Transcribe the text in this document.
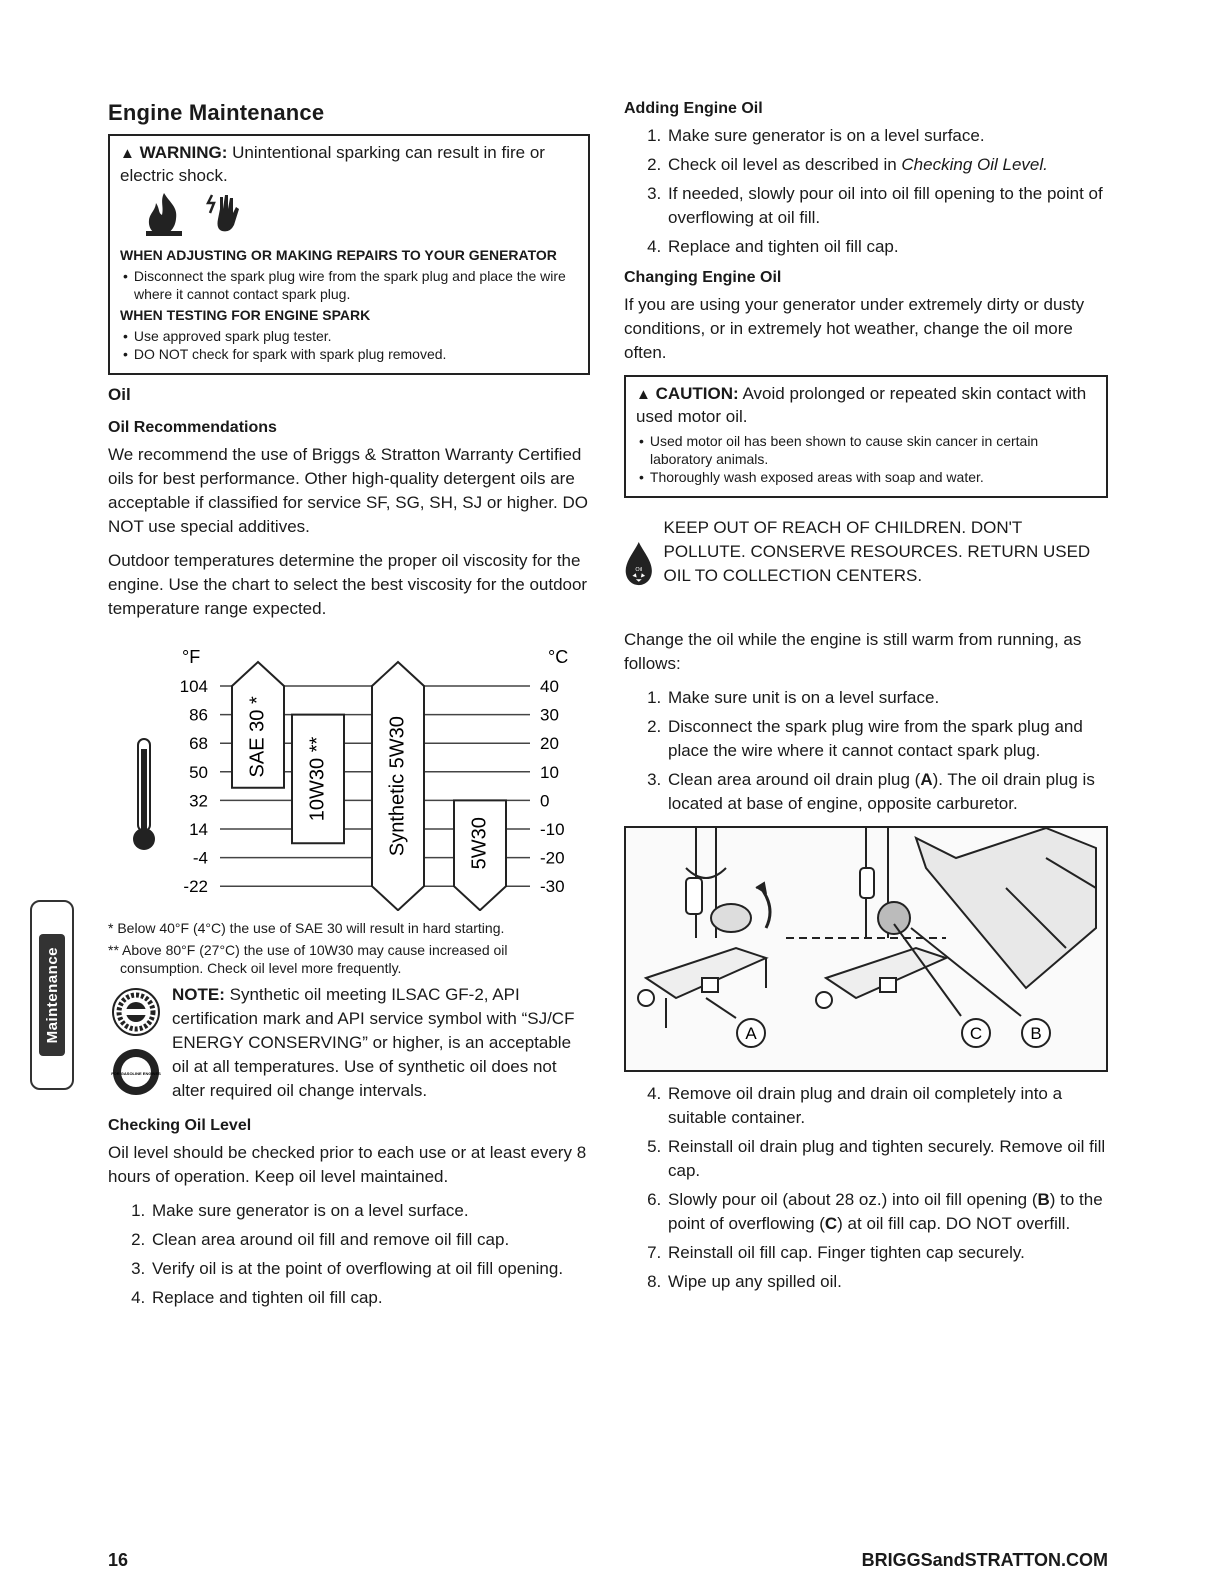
Engine Maintenance
▲ WARNING: Unintentional sparking can result in fire or electric shock.
WHEN ADJUSTING OR MAKING REPAIRS TO YOUR GENERATOR
• Disconnect the spark plug wire from the spark plug and place the wire where it cannot contact spark plug.
WHEN TESTING FOR ENGINE SPARK
• Use approved spark plug tester.
• DO NOT check for spark with spark plug removed.
Oil
Oil Recommendations

We recommend the use of Briggs & Stratton Warranty Certified oils for best performance. Other high-quality detergent oils are acceptable if classified for service SF, SG, SH, SJ or higher. DO NOT use special additives.

Outdoor temperatures determine the proper oil viscosity for the engine. Use the chart to select the best viscosity for the outdoor temperature range expected.

°F	°C
SAE 30 * 10W30 **	Synthetic 5W30	5W30
104	40
86	30
68	20
50	10
32	0
14	-10
-4	-20
-22	-30

* Below 40°F (4°C) the use of SAE 30 will result in hard starting.

** Above 80°F (27°C) the use of 10W30 may cause increased oil consumption. Check oil level more frequently.

FOR GASOLINE ENGINES

NOTE: Synthetic oil meeting ILSAC GF-2, API certification mark and API service symbol with “SJ/CF ENERGY CONSERVING” or higher, is an acceptable oil at all temperatures. Use of synthetic oil does not alter required oil change intervals.

Checking Oil Level

Oil level should be checked prior to each use or at least every 8 hours of operation. Keep oil level maintained.

1. Make sure generator is on a level surface.
2. Clean area around oil fill and remove oil fill cap.
3. Verify oil is at the point of overflowing at oil fill opening.
4. Replace and tighten oil fill cap.
Adding Engine Oil
1. Make sure generator is on a level surface.
2. Check oil level as described in Checking Oil Level.
3. If needed, slowly pour oil into oil fill opening to the point of overflowing at oil fill.
4. Replace and tighten oil fill cap.
Changing Engine Oil

If you are using your generator under extremely dirty or dusty conditions, or in extremely hot weather, change the oil more often.

▲ CAUTION: Avoid prolonged or repeated skin contact with used motor oil.
• Used motor oil has been shown to cause skin cancer in certain laboratory animals.
• Thoroughly wash exposed areas with soap and water.
Oil
KEEP OUT OF REACH OF CHILDREN. DON'T POLLUTE. CONSERVE RESOURCES. RETURN USED OIL TO COLLECTION CENTERS.

Change the oil while the engine is still warm from running, as follows:

1. Make sure unit is on a level surface.
2. Disconnect the spark plug wire from the spark plug and place the wire where it cannot contact spark plug.
3. Clean area around oil drain plug (A). The oil drain plug is located at base of engine, opposite carburetor.
A	C	B
4. Remove oil drain plug and drain oil completely into a suitable container.
5. Reinstall oil drain plug and tighten securely. Remove oil fill cap.
6. Slowly pour oil (about 28 oz.) into oil fill opening (B) to the point of overflowing (C) at oil fill cap. DO NOT overfill.
7. Reinstall oil fill cap. Finger tighten cap securely.
8. Wipe up any spilled oil.
Maintenance
16	BRIGGSandSTRATTON.COM
